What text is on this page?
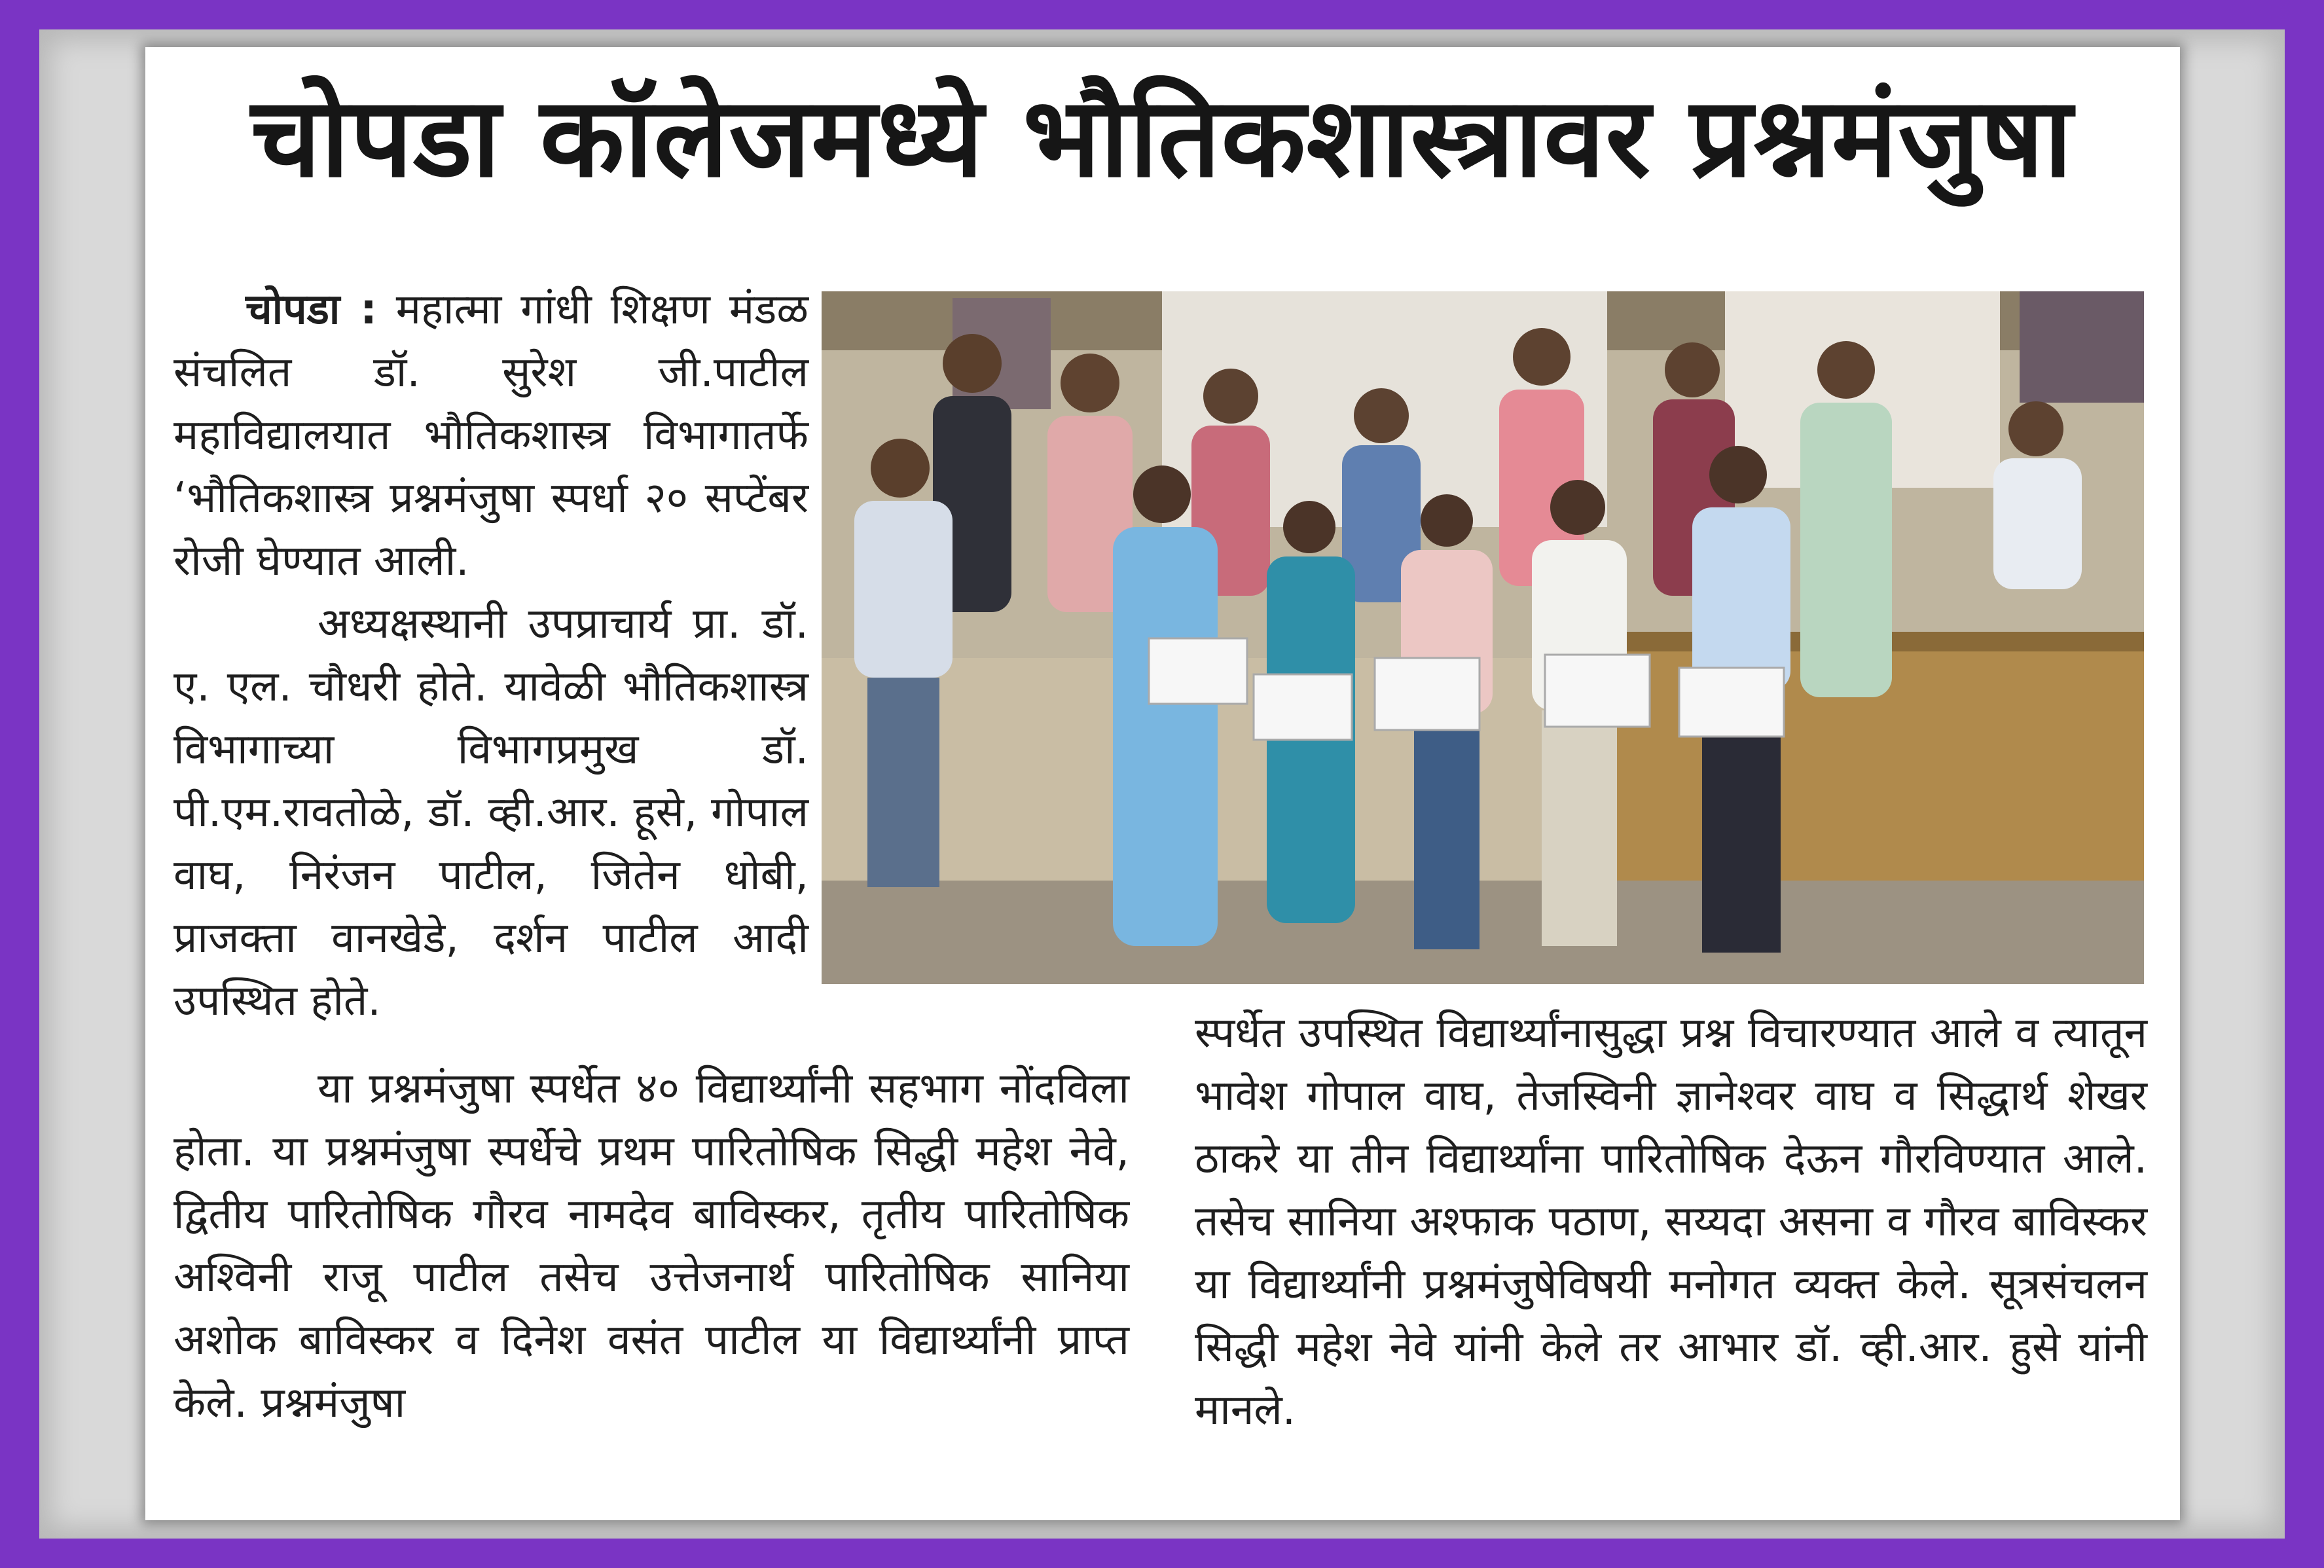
चोपडा कॉलेजमध्ये भौतिकशास्त्रावर प्रश्नमंजुषा

चोपडा : महात्मा गांधी शिक्षण मंडळ संचलित डॉ. सुरेश जी.पाटील महाविद्यालयात भौतिकशास्त्र विभागातर्फे ‘भौतिकशास्त्र प्रश्नमंजुषा स्पर्धा २० सप्टेंबर रोजी घेण्यात आली.

अध्यक्षस्थानी उपप्राचार्य प्रा. डॉ. ए. एल. चौधरी होते. यावेळी भौतिकशास्त्र विभागाच्या विभागप्रमुख डॉ. पी.एम.रावतोळे, डॉ. व्ही.आर. हूसे, गोपाल वाघ, निरंजन पाटील, जितेन धोबी, प्राजक्ता वानखेडे, दर्शन पाटील आदी उपस्थित होते.

या प्रश्नमंजुषा स्पर्धेत ४० विद्यार्थ्यांनी सहभाग नोंदविला होता. या प्रश्नमंजुषा स्पर्धेचे प्रथम पारितोषिक सिद्धी महेश नेवे, द्वितीय पारितोषिक गौरव नामदेव बाविस्कर, तृतीय पारितोषिक अश्विनी राजू पाटील तसेच उत्तेजनार्थ पारितोषिक सानिया अशोक बाविस्कर व दिनेश वसंत पाटील या विद्यार्थ्यांनी प्राप्त केले. प्रश्नमंजुषा

स्पर्धेत उपस्थित विद्यार्थ्यांनासुद्धा प्रश्न विचारण्यात आले व त्यातून भावेश गोपाल वाघ, तेजस्विनी ज्ञानेश्वर वाघ व सिद्धार्थ शेखर ठाकरे या तीन विद्यार्थ्यांना पारितोषिक देऊन गौरविण्यात आले. तसेच सानिया अश्फाक पठाण, सय्यदा असना व गौरव बाविस्कर या विद्यार्थ्यांनी प्रश्नमंजुषेविषयी मनोगत व्यक्त केले. सूत्रसंचलन सिद्धी महेश नेवे यांनी केले तर आभार डॉ. व्ही.आर. हुसे यांनी मानले.
